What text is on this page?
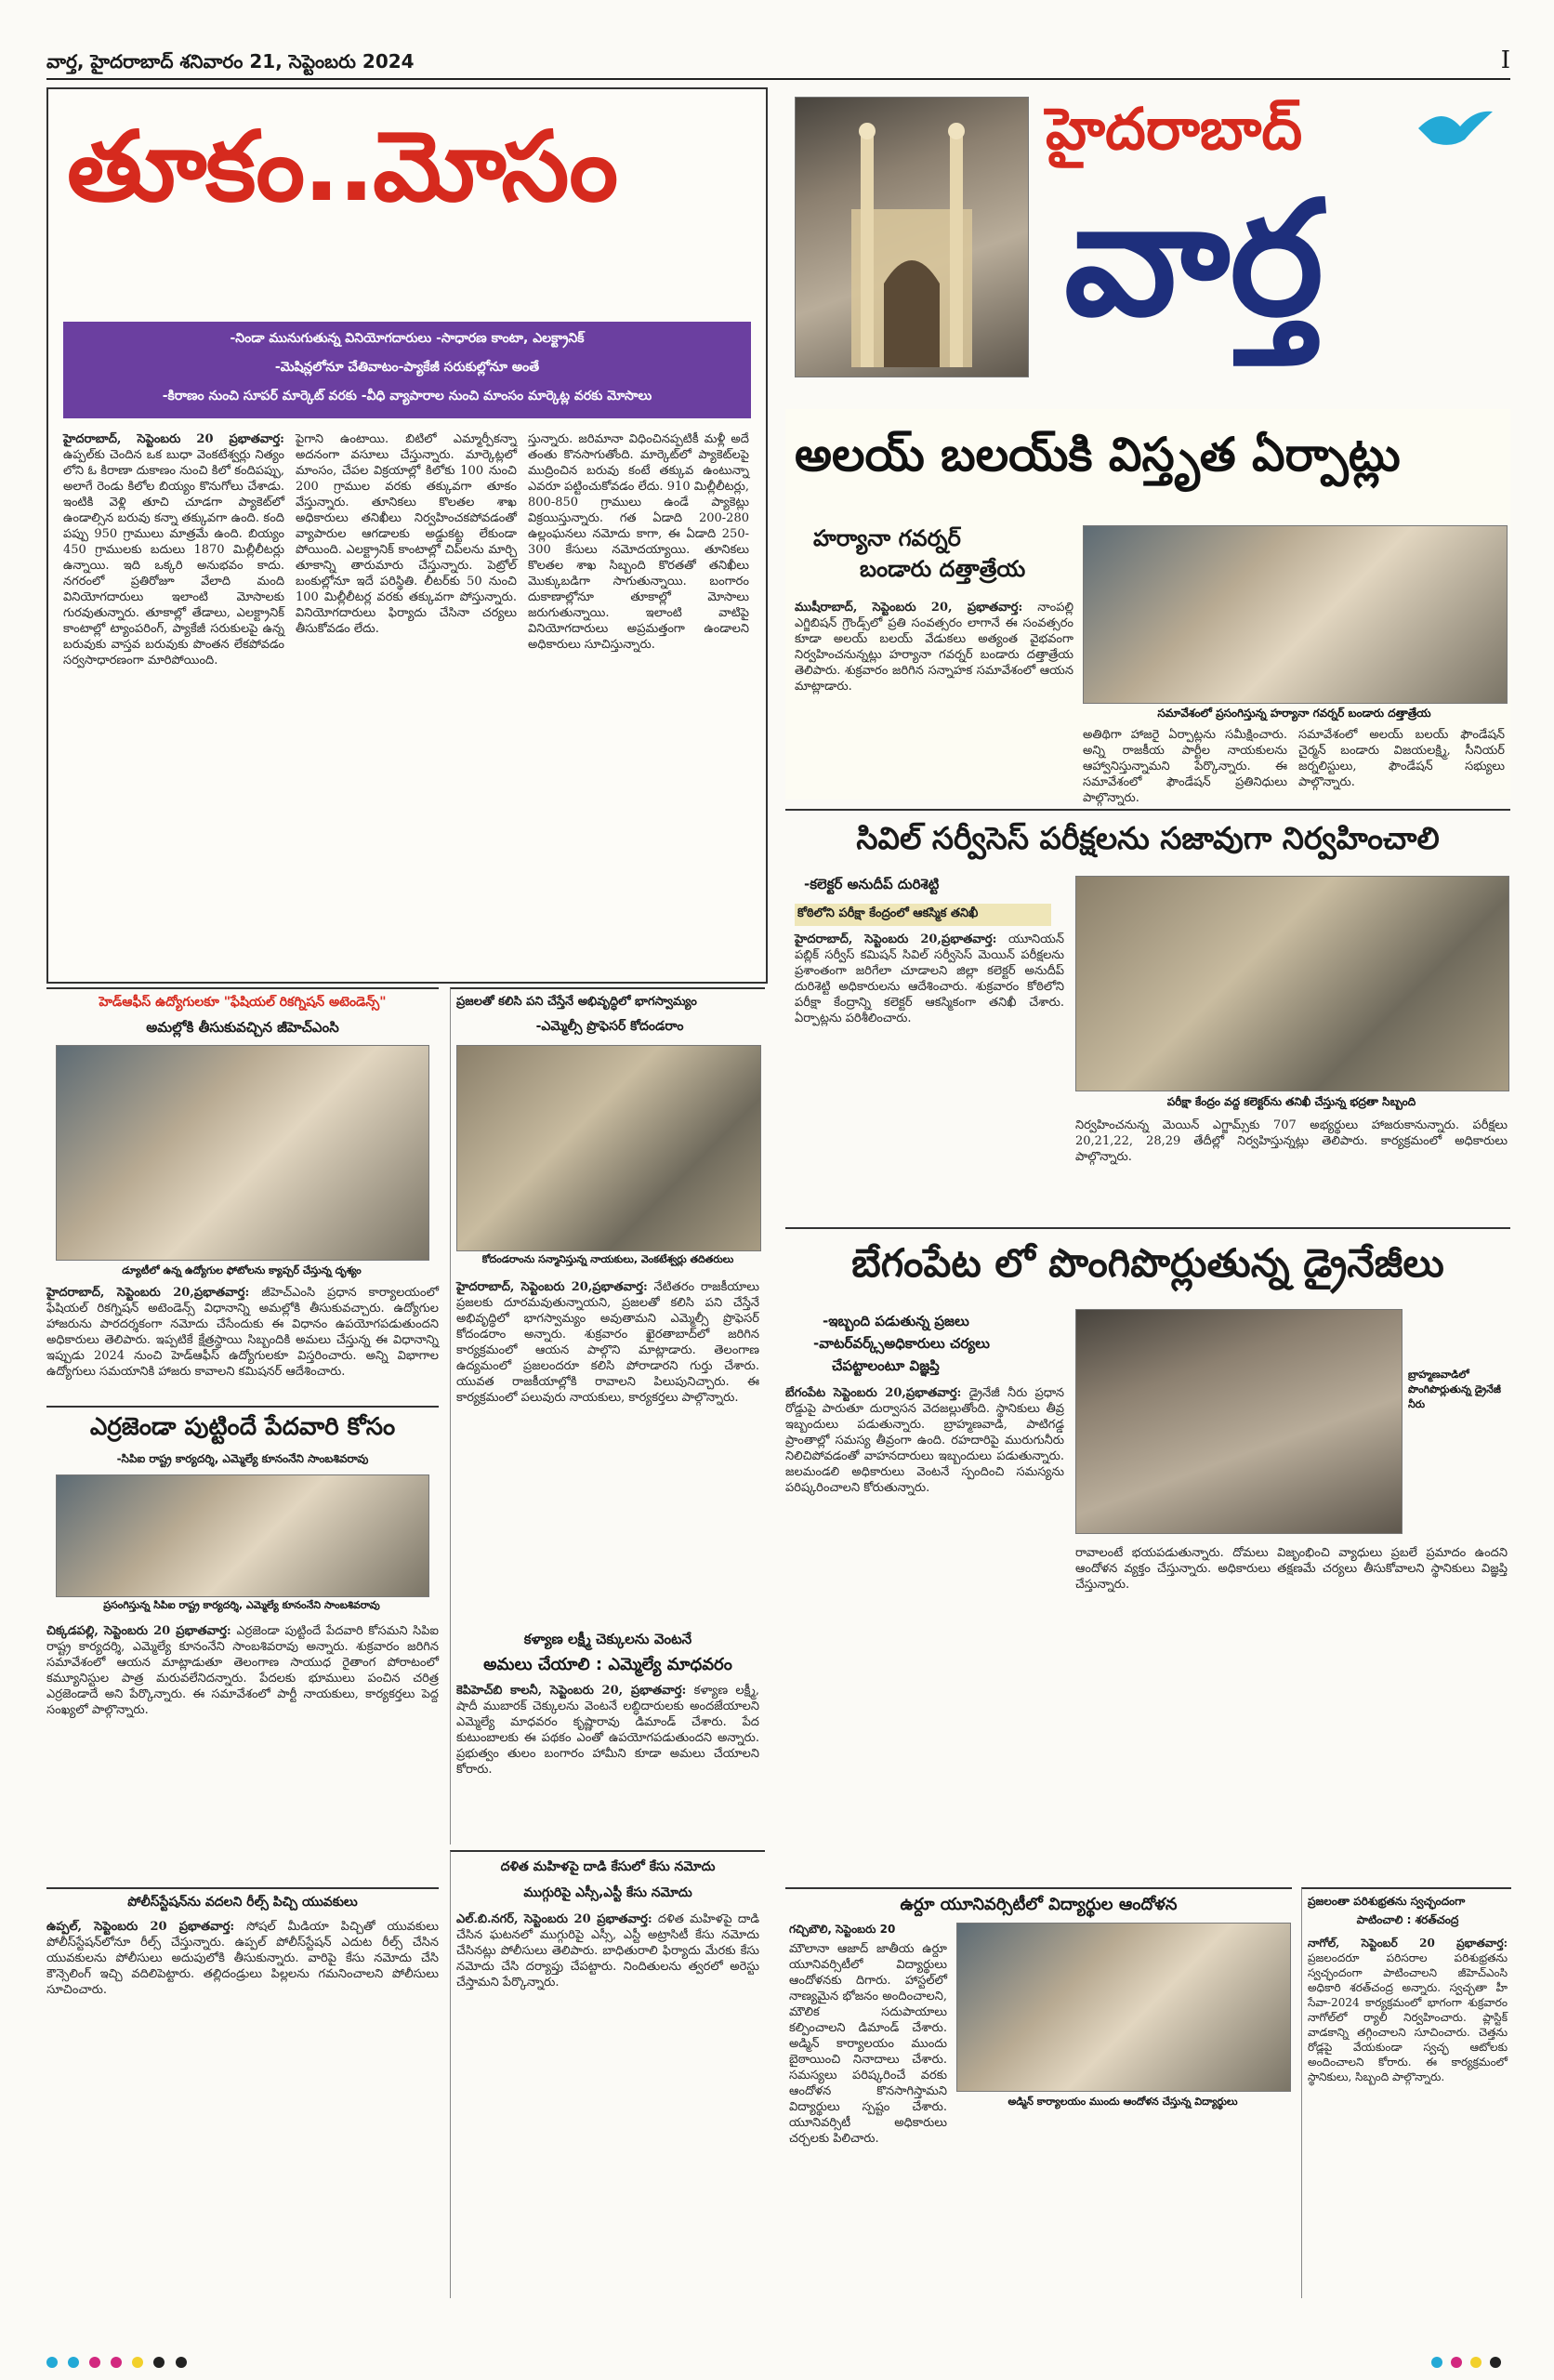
వార్త, హైదరాబాద్ శనివారం 21, సెప్టెంబరు 2024	I
తూకం..మోసం
-నిండా మునుగుతున్న వినియోగదారులు -సాధారణ కాంటా, ఎలక్ట్రానిక్
-మెషిన్లలోనూ చేతివాటం-ప్యాకేజీ సరుకుల్లోనూ అంతే
-కిరాణం నుంచి సూపర్ మార్కెట్ వరకు -వీధి వ్యాపారాల నుంచి మాంసం మార్కెట్ల వరకు మోసాలు
హైదరాబాద్, సెప్టెంబరు 20 ప్రభాతవార్త: ఉప్పల్‌కు చెందిన ఒక బుధా వెంకటేశ్వర్లు నిత్యం లోని ఓ కిరాణా దుకాణం నుంచి కిలో కందిపప్పు, అలాగే రెండు కిలోల బియ్యం కొనుగోలు చేశాడు. ఇంటికి వెళ్లి తూచి చూడగా ప్యాకెట్‌లో ఉండాల్సిన బరువు కన్నా తక్కువగా ఉంది. కంది పప్పు 950 గ్రాములు మాత్రమే ఉంది. బియ్యం 450 గ్రాములకు బదులు 1870 మిల్లీలీటర్లు ఉన్నాయి. ఇది ఒక్కరి అనుభవం కాదు. నగరంలో ప్రతిరోజూ వేలాది మంది వినియోగదారులు ఇలాంటి మోసాలకు గురవుతున్నారు. తూకాల్లో తేడాలు, ఎలక్ట్రానిక్ కాంటాల్లో ట్యాంపరింగ్, ప్యాకేజీ సరుకులపై ఉన్న బరువుకు వాస్తవ బరువుకు పొంతన లేకపోవడం సర్వసాధారణంగా మారిపోయింది.
పైగాని ఉంటాయి. బిటిలో ఎమ్మార్పీకన్నా అదనంగా వసూలు చేస్తున్నారు. మార్కెట్లలో మాంసం, చేపల విక్రయాల్లో కిలోకు 100 నుంచి 200 గ్రాముల వరకు తక్కువగా తూకం వేస్తున్నారు. తూనికలు కొలతల శాఖ అధికారులు తనిఖీలు నిర్వహించకపోవడంతో వ్యాపారుల ఆగడాలకు అడ్డుకట్ట లేకుండా పోయింది. ఎలక్ట్రానిక్ కాంటాల్లో చిప్‌లను మార్చి తూకాన్ని తారుమారు చేస్తున్నారు. పెట్రోల్ బంకుల్లోనూ ఇదే పరిస్థితి. లీటర్‌కు 50 నుంచి 100 మిల్లీలీటర్ల వరకు తక్కువగా పోస్తున్నారు. వినియోగదారులు ఫిర్యాదు చేసినా చర్యలు తీసుకోవడం లేదు.
స్తున్నారు. జరిమానా విధించినప్పటికీ మళ్లీ అదే తంతు కొనసాగుతోంది. మార్కెట్‌లో ప్యాకెట్‌లపై ముద్రించిన బరువు కంటే తక్కువ ఉంటున్నా ఎవరూ పట్టించుకోవడం లేదు. 910 మిల్లీలీటర్లు, 800-850 గ్రాములు ఉండే ప్యాకెట్లు విక్రయిస్తున్నారు. గత ఏడాది 200-280 ఉల్లంఘనలు నమోదు కాగా, ఈ ఏడాది 250-300 కేసులు నమోదయ్యాయి. తూనికలు కొలతల శాఖ సిబ్బంది కొరతతో తనిఖీలు మొక్కుబడిగా సాగుతున్నాయి. బంగారం దుకాణాల్లోనూ తూకాల్లో మోసాలు జరుగుతున్నాయి. ఇలాంటి వాటిపై వినియోగదారులు అప్రమత్తంగా ఉండాలని అధికారులు సూచిస్తున్నారు.
హైదరాబాద్
వార్త
అలయ్ బలయ్‌కి విస్తృత ఏర్పాట్లు
హర్యానా గవర్నర్
బండారు దత్తాత్రేయ
ముషీరాబాద్, సెప్టెంబరు 20, ప్రభాతవార్త: నాంపల్లి ఎగ్జిబిషన్ గ్రౌండ్స్‌లో ప్రతి సంవత్సరం లాగానే ఈ సంవత్సరం కూడా అలయ్ బలయ్ వేడుకలు అత్యంత వైభవంగా నిర్వహించనున్నట్లు హర్యానా గవర్నర్ బండారు దత్తాత్రేయ తెలిపారు. శుక్రవారం జరిగిన సన్నాహక సమావేశంలో ఆయన మాట్లాడారు.
సమావేశంలో ప్రసంగిస్తున్న హర్యానా గవర్నర్ బండారు దత్తాత్రేయ
అతిథిగా హాజరై ఏర్పాట్లను సమీక్షించారు. అన్ని రాజకీయ పార్టీల నాయకులను ఆహ్వానిస్తున్నామని పేర్కొన్నారు. ఈ సమావేశంలో ఫౌండేషన్ ప్రతినిధులు పాల్గొన్నారు.
సమావేశంలో అలయ్ బలయ్ ఫౌండేషన్ చైర్మన్ బండారు విజయలక్ష్మి, సీనియర్ జర్నలిస్టులు, ఫౌండేషన్ సభ్యులు పాల్గొన్నారు.
సివిల్ సర్వీసెస్ పరీక్షలను సజావుగా నిర్వహించాలి
-కలెక్టర్ అనుదీప్ దురిశెట్టి
కోఠిలోని పరీక్షా కేంద్రంలో ఆకస్మిక తనిఖీ
హైదరాబాద్, సెప్టెంబరు 20,ప్రభాతవార్త: యూనియన్ పబ్లిక్ సర్వీస్ కమిషన్ సివిల్ సర్వీసెస్ మెయిన్ పరీక్షలను ప్రశాంతంగా జరిగేలా చూడాలని జిల్లా కలెక్టర్ అనుదీప్ దురిశెట్టి అధికారులను ఆదేశించారు. శుక్రవారం కోఠిలోని పరీక్షా కేంద్రాన్ని కలెక్టర్ ఆకస్మికంగా తనిఖీ చేశారు. ఏర్పాట్లను పరిశీలించారు.
పరీక్షా కేంద్రం వద్ద కలెక్టర్‌ను తనిఖీ చేస్తున్న భద్రతా సిబ్బంది
నిర్వహించనున్న మెయిన్ ఎగ్జామ్స్‌కు 707 అభ్యర్థులు హాజరుకానున్నారు. పరీక్షలు 20,21,22, 28,29 తేదీల్లో నిర్వహిస్తున్నట్లు తెలిపారు. కార్యక్రమంలో అధికారులు పాల్గొన్నారు.
బేగంపేట లో పొంగిపొర్లుతున్న డ్రైనేజీలు
-ఇబ్బంది పడుతున్న ప్రజలు
-వాటర్‌వర్క్స్అధికారులు చర్యలు
చేపట్టాలంటూ విజ్ఞప్తి
బేగంపేట సెప్టెంబరు 20,ప్రభాతవార్త: డ్రైనేజీ నీరు ప్రధాన రోడ్డుపై పారుతూ దుర్వాసన వెదజల్లుతోంది. స్థానికులు తీవ్ర ఇబ్బందులు పడుతున్నారు. బ్రాహ్మణవాడి, పాటిగడ్డ ప్రాంతాల్లో సమస్య తీవ్రంగా ఉంది. రహదారిపై మురుగునీరు నిలిచిపోవడంతో వాహనదారులు ఇబ్బందులు పడుతున్నారు. జలమండలి అధికారులు వెంటనే స్పందించి సమస్యను పరిష్కరించాలని కోరుతున్నారు.
బ్రాహ్మణవాడిలో పొంగిపొర్లుతున్న డ్రైనేజీ నీరు
రావాలంటే భయపడుతున్నారు. దోమలు విజృంభించి వ్యాధులు ప్రబలే ప్రమాదం ఉందని ఆందోళన వ్యక్తం చేస్తున్నారు. అధికారులు తక్షణమే చర్యలు తీసుకోవాలని స్థానికులు విజ్ఞప్తి చేస్తున్నారు.
హెడ్ఆఫీస్ ఉద్యోగులకూ "ఫేషియల్ రికగ్నిషన్ అటెండెన్స్"
అమల్లోకి తీసుకువచ్చిన జీహెచ్ఎంసి
డ్యూటీలో ఉన్న ఉద్యోగుల ఫోటోలను క్యాప్చర్ చేస్తున్న దృశ్యం
హైదరాబాద్, సెప్టెంబరు 20,ప్రభాతవార్త: జీహెచ్ఎంసి ప్రధాన కార్యాలయంలో ఫేషియల్ రికగ్నిషన్ అటెండెన్స్ విధానాన్ని అమల్లోకి తీసుకువచ్చారు. ఉద్యోగుల హాజరును పారదర్శకంగా నమోదు చేసేందుకు ఈ విధానం ఉపయోగపడుతుందని అధికారులు తెలిపారు. ఇప్పటికే క్షేత్రస్థాయి సిబ్బందికి అమలు చేస్తున్న ఈ విధానాన్ని ఇప్పుడు 2024 నుంచి హెడ్ఆఫీస్ ఉద్యోగులకూ విస్తరించారు. అన్ని విభాగాల ఉద్యోగులు సమయానికి హాజరు కావాలని కమిషనర్ ఆదేశించారు.
ప్రజలతో కలిసి పని చేస్తేనే అభివృద్ధిలో భాగస్వామ్యం
-ఎమ్మెల్సీ ప్రొఫెసర్ కోదండరాం
కోదండరాంను సన్మానిస్తున్న నాయకులు, వెంకటేశ్వర్లు తదితరులు
హైదరాబాద్, సెప్టెంబరు 20,ప్రభాతవార్త: నేటితరం రాజకీయాలు ప్రజలకు దూరమవుతున్నాయని, ప్రజలతో కలిసి పని చేస్తేనే అభివృద్ధిలో భాగస్వామ్యం అవుతామని ఎమ్మెల్సీ ప్రొఫెసర్ కోదండరాం అన్నారు. శుక్రవారం ఖైరతాబాద్‌లో జరిగిన కార్యక్రమంలో ఆయన పాల్గొని మాట్లాడారు. తెలంగాణ ఉద్యమంలో ప్రజలందరూ కలిసి పోరాడారని గుర్తు చేశారు. యువత రాజకీయాల్లోకి రావాలని పిలుపునిచ్చారు. ఈ కార్యక్రమంలో పలువురు నాయకులు, కార్యకర్తలు పాల్గొన్నారు.
కళ్యాణ లక్ష్మీ చెక్కులను వెంటనే
అమలు చేయాలి : ఎమ్మెల్యే మాధవరం
కెపిహెచ్‌బి కాలనీ, సెప్టెంబరు 20, ప్రభాతవార్త: కళ్యాణ లక్ష్మీ, షాదీ ముబారక్ చెక్కులను వెంటనే లబ్ధిదారులకు అందజేయాలని ఎమ్మెల్యే మాధవరం కృష్ణారావు డిమాండ్ చేశారు. పేద కుటుంబాలకు ఈ పథకం ఎంతో ఉపయోగపడుతుందని అన్నారు. ప్రభుత్వం తులం బంగారం హామీని కూడా అమలు చేయాలని కోరారు.
ఎర్రజెండా పుట్టిందే పేదవారి కోసం
-సిపిఐ రాష్ట్ర కార్యదర్శి, ఎమ్మెల్యే కూనంనేని సాంబశివరావు
ప్రసంగిస్తున్న సిపిఐ రాష్ట్ర కార్యదర్శి, ఎమ్మెల్యే కూనంనేని సాంబశివరావు
చిక్కడపల్లి, సెప్టెంబరు 20 ప్రభాతవార్త: ఎర్రజెండా పుట్టిందే పేదవారి కోసమని సిపిఐ రాష్ట్ర కార్యదర్శి, ఎమ్మెల్యే కూనంనేని సాంబశివరావు అన్నారు. శుక్రవారం జరిగిన సమావేశంలో ఆయన మాట్లాడుతూ తెలంగాణ సాయుధ రైతాంగ పోరాటంలో కమ్యూనిస్టుల పాత్ర మరువలేనిదన్నారు. పేదలకు భూములు పంచిన చరిత్ర ఎర్రజెండాదే అని పేర్కొన్నారు. ఈ సమావేశంలో పార్టీ నాయకులు, కార్యకర్తలు పెద్ద సంఖ్యలో పాల్గొన్నారు.
పోలీస్‌స్టేషన్‌ను వదలని రీల్స్ పిచ్చి యువకులు
ఉప్పల్, సెప్టెంబరు 20 ప్రభాతవార్త: సోషల్ మీడియా పిచ్చితో యువకులు పోలీస్‌స్టేషన్‌లోనూ రీల్స్ చేస్తున్నారు. ఉప్పల్ పోలీస్‌స్టేషన్ ఎదుట రీల్స్ చేసిన యువకులను పోలీసులు అదుపులోకి తీసుకున్నారు. వారిపై కేసు నమోదు చేసి కౌన్సెలింగ్ ఇచ్చి వదిలిపెట్టారు. తల్లిదండ్రులు పిల్లలను గమనించాలని పోలీసులు సూచించారు.
దళిత మహిళపై దాడి కేసులో కేసు నమోదు
ముగ్గురిపై ఎస్సీ,ఎస్టీ కేసు నమోదు
ఎల్.బి.నగర్, సెప్టెంబరు 20 ప్రభాతవార్త: దళిత మహిళపై దాడి చేసిన ఘటనలో ముగ్గురిపై ఎస్సీ, ఎస్టీ అట్రాసిటీ కేసు నమోదు చేసినట్లు పోలీసులు తెలిపారు. బాధితురాలి ఫిర్యాదు మేరకు కేసు నమోదు చేసి దర్యాప్తు చేపట్టారు. నిందితులను త్వరలో అరెస్టు చేస్తామని పేర్కొన్నారు.
ఉర్దూ యూనివర్సిటీలో విద్యార్థుల ఆందోళన
గచ్చిబౌలి, సెప్టెంబరు 20
మౌలానా ఆజాద్ జాతీయ ఉర్దూ యూనివర్సిటీలో విద్యార్థులు ఆందోళనకు దిగారు. హాస్టల్‌లో నాణ్యమైన భోజనం అందించాలని, మౌలిక సదుపాయాలు కల్పించాలని డిమాండ్ చేశారు. అడ్మిన్ కార్యాలయం ముందు బైఠాయించి నినాదాలు చేశారు. సమస్యలు పరిష్కరించే వరకు ఆందోళన కొనసాగిస్తామని విద్యార్థులు స్పష్టం చేశారు. యూనివర్సిటీ అధికారులు చర్చలకు పిలిచారు.
అడ్మిన్ కార్యాలయం ముందు ఆందోళన చేస్తున్న విద్యార్థులు
ప్రజలంతా పరిశుభ్రతను స్వచ్ఛందంగా
పాటించాలి : శరత్‌చంద్ర
నాగోల్, సెప్టెంబర్ 20 ప్రభాతవార్త: ప్రజలందరూ పరిసరాల పరిశుభ్రతను స్వచ్ఛందంగా పాటించాలని జీహెచ్ఎంసి అధికారి శరత్‌చంద్ర అన్నారు. స్వచ్ఛతా హీ సేవా-2024 కార్యక్రమంలో భాగంగా శుక్రవారం నాగోల్‌లో ర్యాలీ నిర్వహించారు. ప్లాస్టిక్ వాడకాన్ని తగ్గించాలని సూచించారు. చెత్తను రోడ్లపై వేయకుండా స్వచ్ఛ ఆటోలకు అందించాలని కోరారు. ఈ కార్యక్రమంలో స్థానికులు, సిబ్బంది పాల్గొన్నారు.
